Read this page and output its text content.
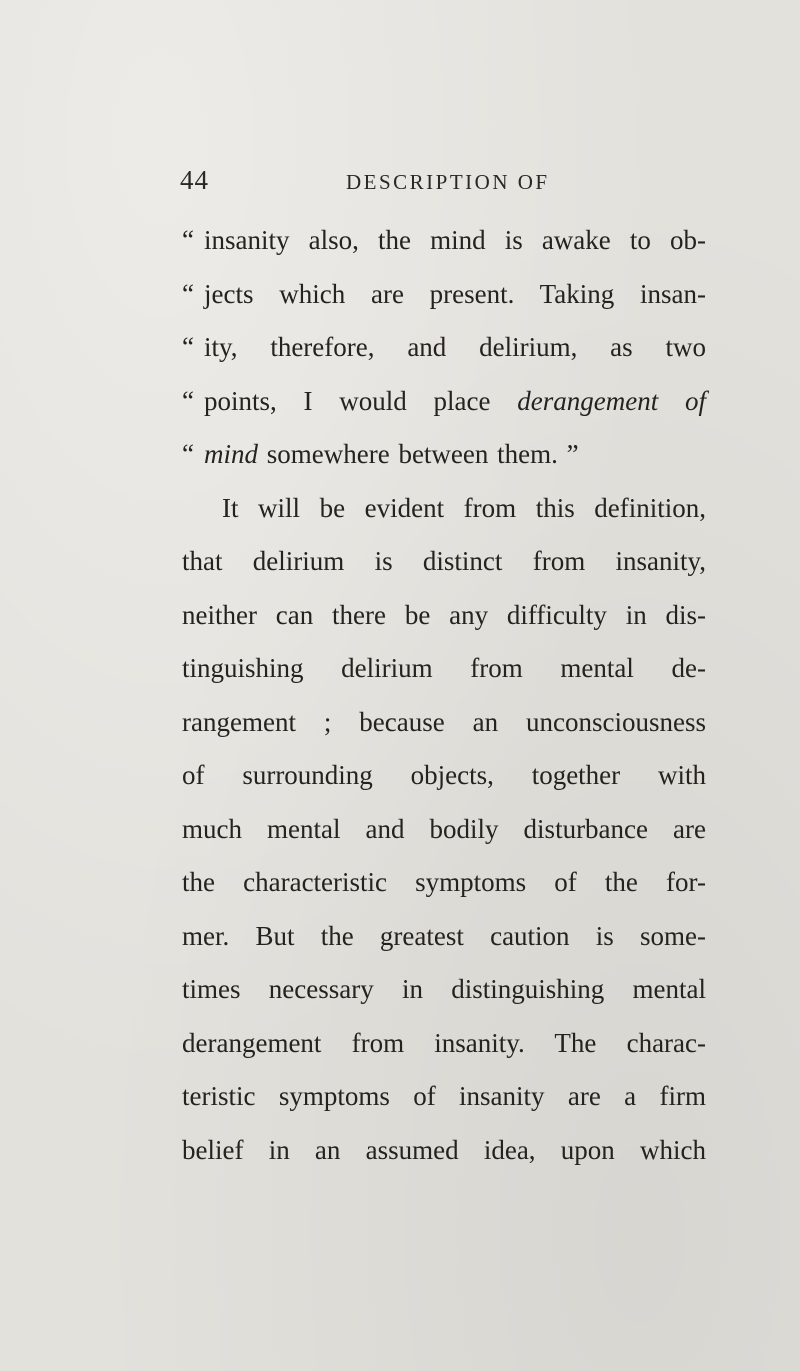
44	DESCRIPTION OF
“ insanity also, the mind is awake to ob-
“ jects which are present. Taking insan-
“ ity, therefore, and delirium, as two
“ points, I would place derangement of
“ mind somewhere between them. ”
It will be evident from this definition,
that delirium is distinct from insanity,
neither can there be any difficulty in dis-
tinguishing delirium from mental de-
rangement ; because an unconsciousness
of surrounding objects, together with
much mental and bodily disturbance are
the characteristic symptoms of the for-
mer. But the greatest caution is some-
times necessary in distinguishing mental
derangement from insanity. The charac-
teristic symptoms of insanity are a firm
belief in an assumed idea, upon which
